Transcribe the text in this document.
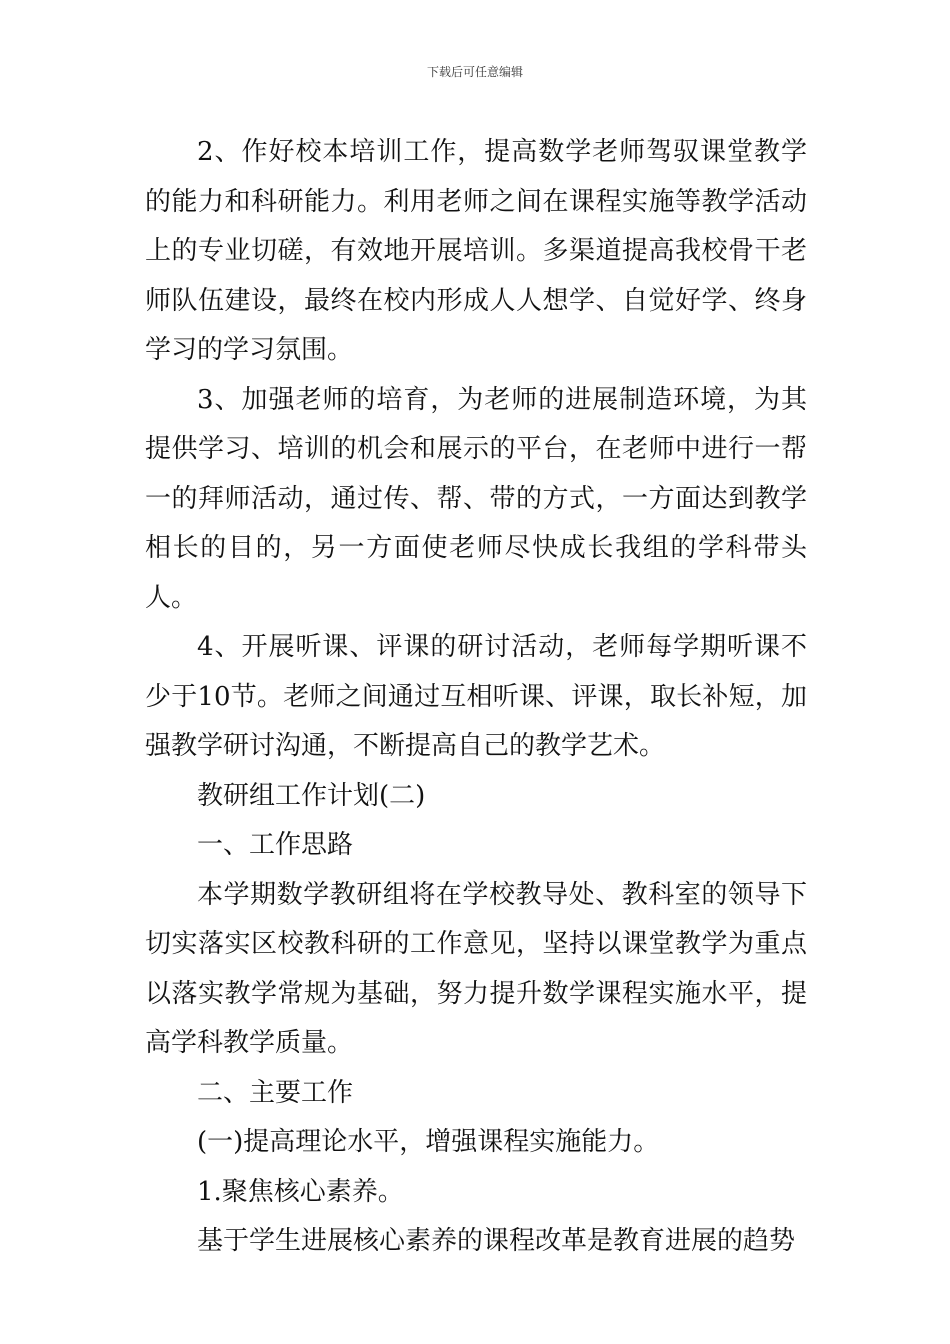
下载后可任意编辑

2、作好校本培训工作，提高数学老师驾驭课堂教学的能力和科研能力。利用老师之间在课程实施等教学活动上的专业切磋，有效地开展培训。多渠道提高我校骨干老师队伍建设，最终在校内形成人人想学、自觉好学、终身学习的学习氛围。

3、加强老师的培育，为老师的进展制造环境，为其提供学习、培训的机会和展示的平台，在老师中进行一帮一的拜师活动，通过传、帮、带的方式，一方面达到教学相长的目的，另一方面使老师尽快成长我组的学科带头人。

4、开展听课、评课的研讨活动，老师每学期听课不少于10节。老师之间通过互相听课、评课，取长补短，加强教学研讨沟通，不断提高自己的教学艺术。

教研组工作计划(二)

一、工作思路

本学期数学教研组将在学校教导处、教科室的领导下切实落实区校教科研的工作意见，坚持以课堂教学为重点以落实教学常规为基础，努力提升数学课程实施水平，提高学科教学质量。

二、主要工作

(一)提高理论水平，增强课程实施能力。

1.聚焦核心素养。

基于学生进展核心素养的课程改革是教育进展的趋势
